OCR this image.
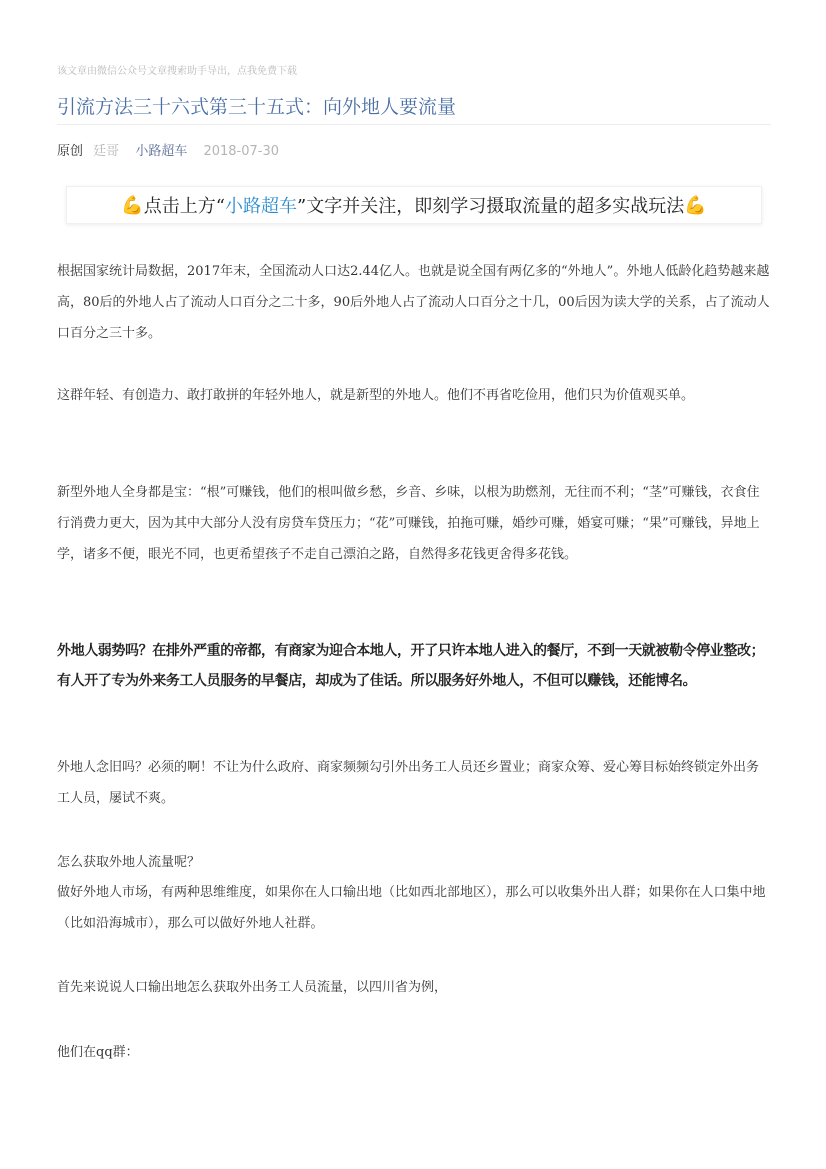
该文章由微信公众号文章搜索助手导出，点我免费下载
引流方法三十六式第三十五式：向外地人要流量
原创 廷哥 小路超车 2018-07-30
💪 点击上方“ 小路超车 ”文字并关注，即刻学习摄取流量的超多实战玩法 💪

根据国家统计局数据，2017年末，全国流动人口达2.44亿人。也就是说全国有两亿多的“外地人”。外地人低龄化趋势越来越高，80后的外地人占了流动人口百分之二十多，90后外地人占了流动人口百分之十几，00后因为读大学的关系，占了流动人口百分之三十多。

这群年轻、有创造力、敢打敢拼的年轻外地人，就是新型的外地人。他们不再省吃俭用，他们只为价值观买单。

新型外地人全身都是宝：“根”可赚钱，他们的根叫做乡愁，乡音、乡味，以根为助燃剂，无往而不利；“茎”可赚钱，衣食住行消费力更大，因为其中大部分人没有房贷车贷压力；“花”可赚钱，拍拖可赚，婚纱可赚，婚宴可赚；“果”可赚钱，异地上学，诸多不便，眼光不同，也更希望孩子不走自己漂泊之路，自然得多花钱更舍得多花钱。

外地人弱势吗？在排外严重的帝都，有商家为迎合本地人，开了只许本地人进入的餐厅，不到一天就被勒令停业整改；有人开了专为外来务工人员服务的早餐店，却成为了佳话。所以服务好外地人，不但可以赚钱，还能博名。

外地人念旧吗？必须的啊！不让为什么政府、商家频频勾引外出务工人员还乡置业；商家众筹、爱心筹目标始终锁定外出务工人员，屡试不爽。

怎么获取外地人流量呢？

做好外地人市场，有两种思维维度，如果你在人口输出地（比如西北部地区），那么可以收集外出人群；如果你在人口集中地（比如沿海城市），那么可以做好外地人社群。

首先来说说人口输出地怎么获取外出务工人员流量，以四川省为例，

他们在qq群：
